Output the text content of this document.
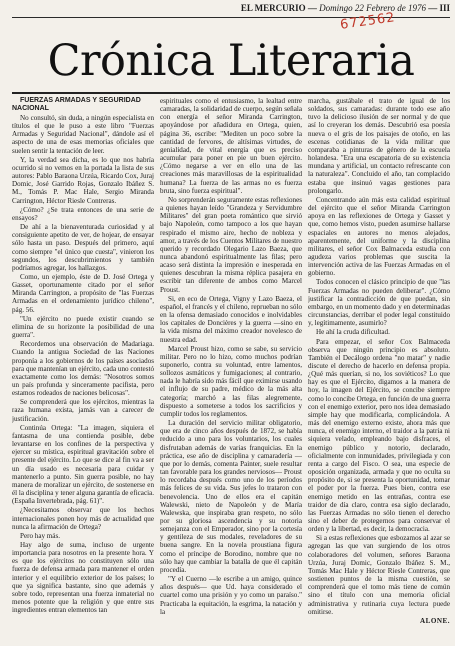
EL MERCURIO — Domingo 22 Febrero de 1976 — III
672562
Crónica Literaria

FUERZAS ARMADAS Y SEGURIDAD NACIONAL

No consultó, sin duda, a ningún especialista en títulos el que le puso a este libro "Fuerzas Armadas y Seguridad Nacional", dándole así el aspecto de una de esas memorias oficiales que suelen sentir la tentación de leer.

Y, la verdad sea dicha, es lo que nos habría ocurrido si no vemos en la portada la lista de sus autores: Pablo Baraona Urzúa, Ricardo Cox, Juraj Domic, José Garrido Rojas, Gonzalo Ibáñez S. M., Tomás P. Mac Hale, Sergio Miranda Carrington, Héctor Riesle Contreras.

¿Cómo? ¿Se trata entonces de una serie de ensayos?

De ahí a la bienaventurada curiosidad y al consiguiente apetito de ver, de hojear, de ensayar sólo hasta un paso. Después del primero, aquí como siempre "el único que cuesta", vinieron los segundos, los descubrimientos y también podríamos agregar, los hallazgos.

Como, un ejemplo, éste de D. José Ortega y Gasset, oportunamente citado por el señor Miranda Carrington, a propósito de "las Fuerzas Armadas en el ordenamiento jurídico chileno", pág. 56.

"Un ejército no puede existir cuando se elimina de su horizonte la posibilidad de una guerra".

Recordemos una observación de Madariaga. Cuando la antigua Sociedad de las Naciones proponía a los gobiernos de los países asociados para que mantenían un ejército, cada uno contestó exactamente como los demás: "Nosotros somos un país profunda y sinceramente pacifista, pero estamos rodeados de naciones belicosas".

Se comprenderá que los ejércitos, mientras la raza humana exista, jamás van a carecer de justificación.

Continúa Ortega: "La imagen, siquiera el fantasma de una contienda posible, debe levantarse en los confines de la perspectiva y ejercer su mística, espiritual gravitación sobre el presente del ejército. Lo que se dice al fin va a ser un día usado es necesaria para cuidar y mantenerlo a punto. Sin guerra posible, no hay manera de moralizar un ejército, de sostenerse en él la disciplina y tener alguna garantía de eficacia. (España Invertebrada, pág. 61)".

¿Necesitamos observar que los hechos internacionales ponen hoy más de actualidad que nunca la afirmación de Ortega?

Pero hay más.

Hay algo de suma, incluso de urgente importancia para nosotros en la presente hora. Y es que los ejércitos no constituyen sólo una fuerza de defensa armada para mantener el orden interior y el equilibrio exterior de los países; lo que ya significa bastante, sino que además y sobre todo, representan una fuerza inmaterial no menos potente que la religión y que entre sus ingredientes entran elementos tan

espirituales como el entusiasmo, la lealtad entre camaradas, la solidaridad de cuerpo, según señala con energía el señor Miranda Carrington, apoyándose por añadidura en Ortega, quien, página 36, escribe: "Mediten un poco sobre la cantidad de fervores, de altísimas virtudes, de genialidad, de vital energía que es preciso acumular para poner en pie un buen ejército. ¿Cómo negarse a ver en ello una de las creaciones más maravillosas de la espiritualidad humana? La fuerza de las armas no es fuerza bruta, sino fuerza espiritual".

No sorprenderán seguramente estas reflexiones a quienes hayan leído "Grandeza y Servidumbre Militares" del gran poeta romántico que sirvió bajo Napoleón, como tampoco a los que hayan respirado el mismo aire, hecho de nobleza y amor, a través de los Cuentos Militares de nuestro querido y recordado Olegario Lazo Baeza, que nunca abandonó espiritualmente las filas; pero acaso será distinta la impresión e inesperada en quienes descubran la misma réplica pasajera en escribir tan diferente de ambos como Marcel Proust.

Si, en eco de Ortega, Vigny y Lazo Baeza, el español, el francés y el chileno, reprueban no sólo en la ofensa demasiado conocidos e inolvidables los capitales de Doncières y la guerra —sino en la vida misma del máximo creador novelesco de nuestra edad.

Marcel Proust hizo, como se sabe, su servicio militar. Pero no lo hizo, como muchos podrían suponerlo, contra su voluntad, entre lamentos, sollozos asmáticos y fumigaciones; al contrario, nada le habría sido más fácil que eximirse usando el influjo de su padre, médico de la más alta categoría; marchó a las filas alegremente, dispuesto a someterse a todos los sacrificios y cumplir todos los reglamentos.

La duración del servicio militar obligatorio, que era de cinco años después de 1872, se había reducido a uno para los voluntarios, los cuales disfrutaban además de varias franquicias. En la práctica, ese año de disciplina y camaradería —que por lo demás, comenta Painter, suele resultar tan favorable para los grandes nerviosos— Proust lo recordaba después como uno de los períodos más felices de su vida. Sus jefes lo trataron con benevolencia. Uno de ellos era el capitán Walewski, nieto de Napoleón y de María Walewska, que inspiraba gran respeto, no sólo por su gloriosa ascendencia y su notoria semejanza con el Emperador, sino por la cortesía y gentileza de sus modales, reveladores de su buena sangre. En la novela proustiana figura como el príncipe de Borodino, nombre que no sólo hay que cambiar la batalla de que él capitán procedía.

"Y el Cuerno —le escribe a un amigo, quince años después— que Ud. haya considerado el cuartel como una prisión y yo como un paraíso." Practicaba la equitación, la esgrima, la natación y la

marcha, gustábale el trato de igual de los soldados, sus camaradas: durante todo ese año tuvo la delicioso ilusión de ser normal y de que así lo creyeran los demás. Descubrió esa poesía nueva o el gris de los paisajes de otoño, en las escenas cotidianas de la vida militar que comparaba a pinturas de género de la escuela holandesa. "Era una escapatoria de su existencia mundana y artificial, un contacto refrescante con la naturaleza". Concluido el año, tan complacido estaba que insinuó vagas gestiones para prolongarlo.

Concentrando aún más esta calidad espiritual del ejército que el señor Miranda Carrington apoya en las reflexiones de Ortega y Gasset y que, como hemos visto, pueden asumirse hallarse espaciales en autores no menos alejados, aparentemente, del uniforme y la disciplina militares, el señor Cox Balmaceda estudia con agudeza varios problemas que suscita la intervención activa de las Fuerzas Armadas en el gobierno.

Todos conocen el clásico principio de que "las Fuerzas Armadas no pueden deliberar". ¿Cómo justificar la contradicción de que puedan, sin embargo, en un momento dado y en determinadas circunstancias, derribar el poder legal constituido y, legítimamente, asumirlo?

He ahí la cruda dificultad.

Para empezar, el señor Cox Balmaceda observa que ningún principio es absoluto. También el Decálogo ordena "no matar" y nadie discute el derecho de hacerlo en defensa propia. ¿Qué más querían, si no, los soviéticos? Lo que hay es que el Ejército, digamos a la manera de hoy, la imagen del Ejército, se concibe siempre como lo concibe Ortega, en función de una guerra con el enemigo exterior, pero nos idea demasiado simple hay que modificarla, complicándola. A más del enemigo externo existe, ahora más que nunca, el enemigo interno, el traidor a la patria ni siquiera velado, empleando bajo disfraces, el enemigo público y notorio, declarado, oficialmente con inmunidades, privilegiada y con renta a cargo del Fisco. O sea, una especie de oposición organizada, armada y que no oculta su propósito de, si se presenta la oportunidad, tomar el poder por la fuerza. Pues bien, contra ese enemigo metido en las entrañas, contra ese traidor de día claro, contra esa siglo declarado, las Fuerzas Armadas no sólo tienen el derecho sino el deber de protegernos para conservar el orden y la libertad, es decir, la democracia.

Si a estas reflexiones que esbozamos al azar se agregan las que van surgiendo de los otros colaboradores del volumen, señores Baraona Urzúa, Juraj Domic, Gonzalo Ibáñez S. M., Tomás Mac Hale y Héctor Riesle Contreras, que sostienen puntos de la misma cuestión, se comprenderá que el tomo más tiene de común sino el título con una memoria oficial administrativa y rutinaria cuya lectura puede omitirse.

ALONE.
